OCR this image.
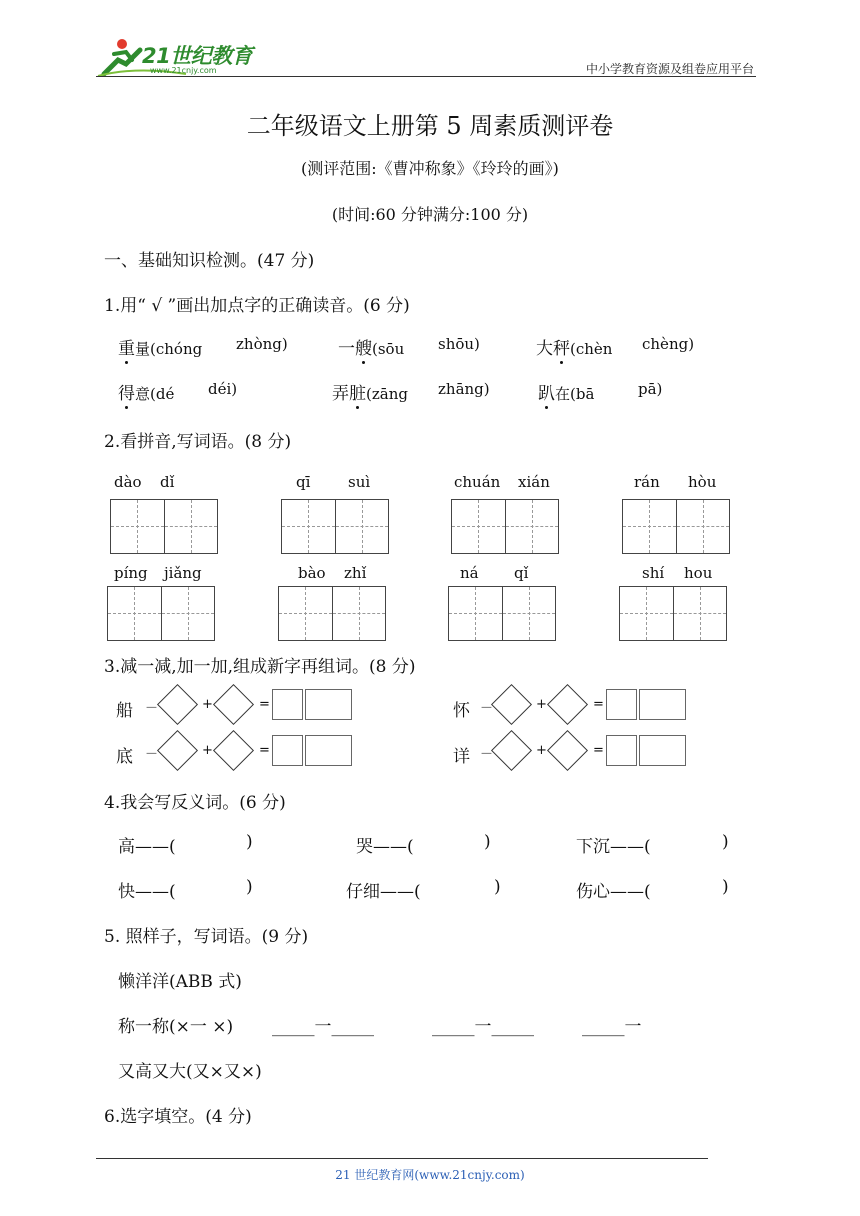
21世纪教育
www.21cnjy.com	中小学教育资源及组卷应用平台
二年级语文上册第 5 周素质测评卷
(测评范围:《曹冲称象》《玲玲的画》)
(时间:60 分钟满分:100 分)
一、基础知识检测。(47 分)
1.用“ √ ”画出加点字的正确读音。(6 分)
重量(chóng zhòng)	一艘(sōu shōu)	大秤(chèn chèng)
得意(dé déi)	弄脏(zāng zhāng)	趴在(bā	pā)
2.看拼音,写词语。(8 分)
dào dǐ	qī	suì	chuán xián	rán hòu
píng jiǎng	bào zhǐ	ná qǐ	shí hou
3.减一减,加一加,组成新字再组词。(8 分)
船 －	+	=	怀 －	+	=
底 －	+	=	详 －	+	=
4.我会写反义词。(6 分)
高——(	)	哭——(	)	下沉——(	)
快——(	)	仔细——(	)	伤心——(	)
5. 照样子，写词语。(9 分)
懒洋洋(ABB 式)
称一称(×一 ×) _____一_____	_____一_____	_____一
又高又大(又×又×)
6.选字填空。(4 分)
21 世纪教育网(www.21cnjy.com)
